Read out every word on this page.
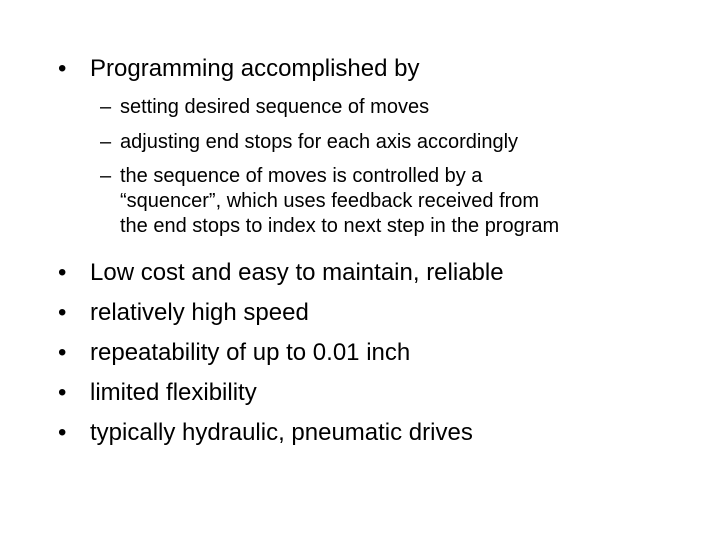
• Programming accomplished by
– setting desired sequence of moves
– adjusting end stops for each axis accordingly
– the sequence of moves is controlled by a
“squencer”, which uses feedback received from
the end stops to index to next step in the program
• Low cost and easy to maintain, reliable
• relatively high speed
• repeatability of up to 0.01 inch
• limited flexibility
• typically hydraulic, pneumatic drives
